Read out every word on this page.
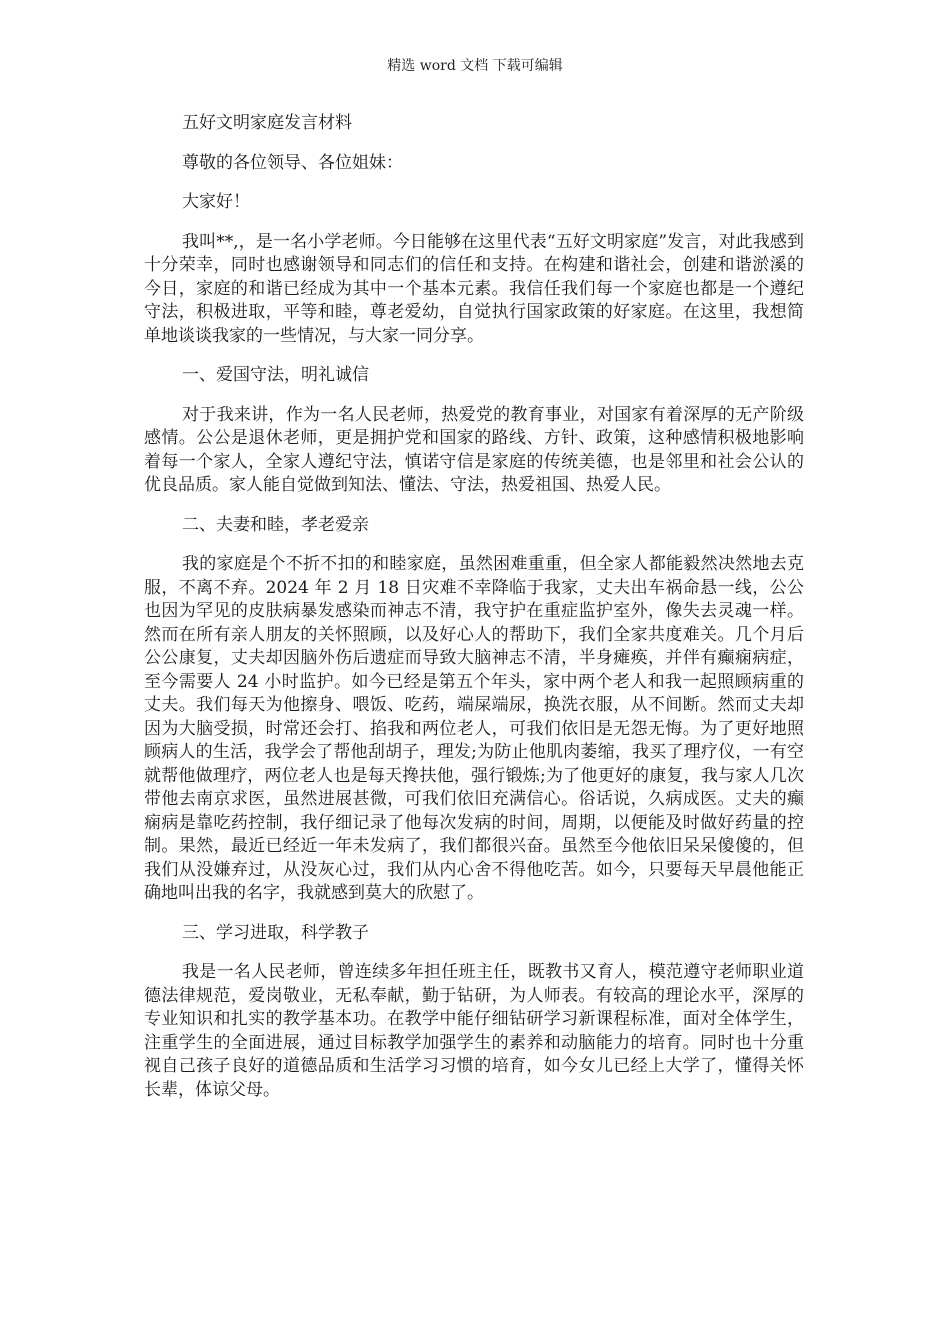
精选 word 文档 下载可编辑

五好文明家庭发言材料

尊敬的各位领导、各位姐妹：

大家好！

我叫**,，是一名小学老师。今日能够在这里代表“五好文明家庭”发言，对此我感到十分荣幸，同时也感谢领导和同志们的信任和支持。在构建和谐社会，创建和谐淤溪的今日，家庭的和谐已经成为其中一个基本元素。我信任我们每一个家庭也都是一个遵纪守法，积极进取，平等和睦，尊老爱幼，自觉执行国家政策的好家庭。在这里，我想简单地谈谈我家的一些情况，与大家一同分享。

一、爱国守法，明礼诚信

对于我来讲，作为一名人民老师，热爱党的教育事业，对国家有着深厚的无产阶级感情。公公是退休老师，更是拥护党和国家的路线、方针、政策，这种感情积极地影响着每一个家人，全家人遵纪守法，慎诺守信是家庭的传统美德，也是邻里和社会公认的优良品质。家人能自觉做到知法、懂法、守法，热爱祖国、热爱人民。

二、夫妻和睦，孝老爱亲

我的家庭是个不折不扣的和睦家庭，虽然困难重重，但全家人都能毅然决然地去克服，不离不弃。2024 年 2 月 18 日灾难不幸降临于我家，丈夫出车祸命悬一线，公公也因为罕见的皮肤病暴发感染而神志不清，我守护在重症监护室外，像失去灵魂一样。然而在所有亲人朋友的关怀照顾，以及好心人的帮助下，我们全家共度难关。几个月后公公康复，丈夫却因脑外伤后遗症而导致大脑神志不清，半身瘫痪，并伴有癫痫病症，至今需要人 24 小时监护。如今已经是第五个年头，家中两个老人和我一起照顾病重的丈夫。我们每天为他擦身、喂饭、吃药，端屎端尿，换洗衣服，从不间断。然而丈夫却因为大脑受损，时常还会打、掐我和两位老人，可我们依旧是无怨无悔。为了更好地照顾病人的生活，我学会了帮他刮胡子，理发;为防止他肌肉萎缩，我买了理疗仪，一有空就帮他做理疗，两位老人也是每天搀扶他，强行锻炼;为了他更好的康复，我与家人几次带他去南京求医，虽然进展甚微，可我们依旧充满信心。俗话说，久病成医。丈夫的癫痫病是靠吃药控制，我仔细记录了他每次发病的时间，周期，以便能及时做好药量的控制。果然，最近已经近一年未发病了，我们都很兴奋。虽然至今他依旧呆呆傻傻的，但我们从没嫌弃过，从没灰心过，我们从内心舍不得他吃苦。如今，只要每天早晨他能正确地叫出我的名字，我就感到莫大的欣慰了。

三、学习进取，科学教子

我是一名人民老师，曾连续多年担任班主任，既教书又育人，模范遵守老师职业道德法律规范，爱岗敬业，无私奉献，勤于钻研，为人师表。有较高的理论水平，深厚的专业知识和扎实的教学基本功。在教学中能仔细钻研学习新课程标准，面对全体学生，注重学生的全面进展，通过目标教学加强学生的素养和动脑能力的培育。同时也十分重视自己孩子良好的道德品质和生活学习习惯的培育，如今女儿已经上大学了，懂得关怀长辈，体谅父母。
